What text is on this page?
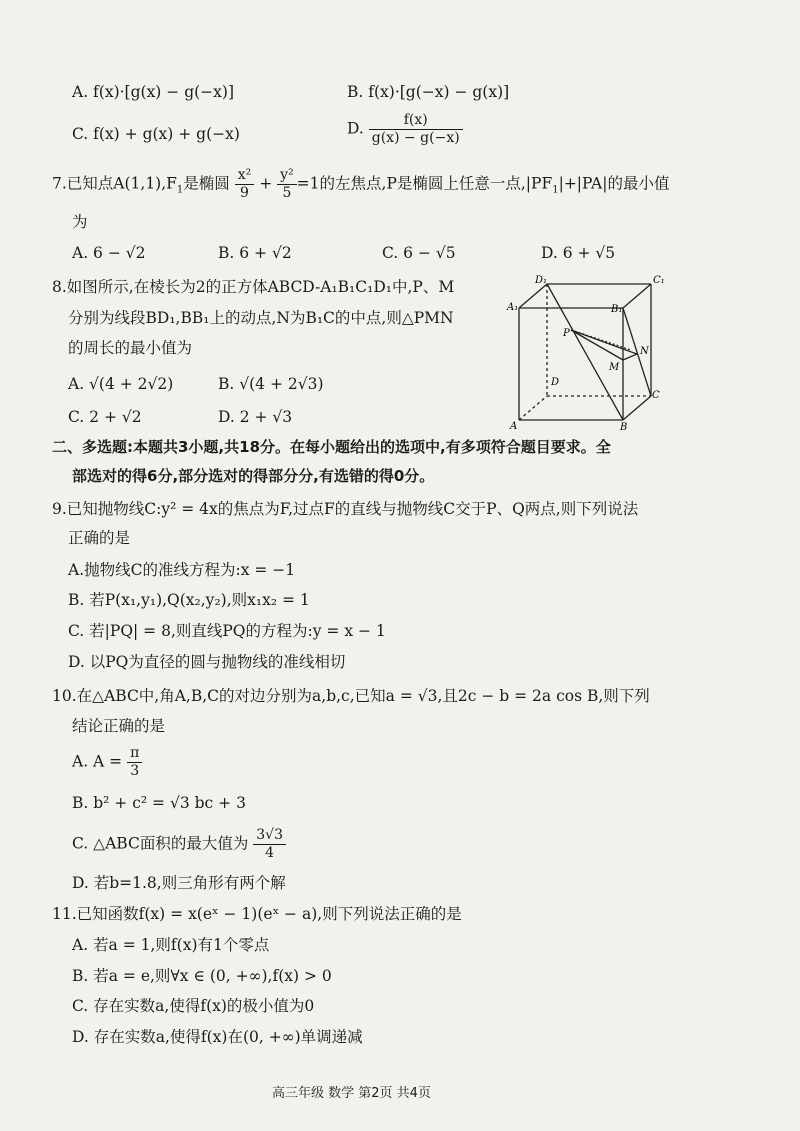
A. f(x)·[g(x) − g(−x)]	B. f(x)·[g(−x) − g(x)]
C. f(x) + g(x) + g(−x)	D. $\frac{f(x)}{g(x) - g(-x)}$
7.已知点$A(1,1),F_1$是椭圆 $\frac{\text{x²}}{9} + \frac{\text{y²}}{5} =1$的左焦点,P是椭圆上任意一点$,|PF_1|+|PA|$的最小值
为
A. 6 − √2	B. 6 + √2	C. 6 − √5	D. 6 + √5
8.如图所示,在棱长为2的正方体ABCD-A₁B₁C₁D₁中,P、M
分别为线段BD₁,BB₁上的动点,N为B₁C的中点,则△PMN
的周长的最小值为
A. √(4 + 2√2)	B. √(4 + 2√3)
C. 2 + √2	D. 2 + √3
D₁	C₁
A₁	B₁
P
N
M
D
C
A	B
二、多选题:本题共3小题,共18分。在每小题给出的选项中,有多项符合题目要求。全
部选对的得6分,部分选对的得部分分,有选错的得0分。
9.已知抛物线C:y² = 4x的焦点为F,过点F的直线与抛物线C交于P、Q两点,则下列说法
正确的是
A.抛物线C的准线方程为:x = −1
B. 若P(x₁,y₁),Q(x₂,y₂),则x₁x₂ = 1
C. 若|PQ| = 8,则直线PQ的方程为:y = x − 1
D. 以PQ为直径的圆与抛物线的准线相切
10.在△ABC中,角A,B,C的对边分别为a,b,c,已知a = √3,且2c − b = 2a cos B,则下列
结论正确的是
A. $A = \frac{\pi}{3}$
B. b² + c² = √3 bc + 3
C. △ABC面积的最大值为 $\frac{3√3}{4}$
D. 若b=1.8,则三角形有两个解
11.已知函数f(x) = x(eˣ − 1)(eˣ − a),则下列说法正确的是
A. 若a = 1,则f(x)有1个零点
B. 若a = e,则∀x ∈ (0, +∞),f(x) > 0
C. 存在实数a,使得f(x)的极小值为0
D. 存在实数a,使得f(x)在(0, +∞)单调递减
高三年级 数学 第2页 共4页
